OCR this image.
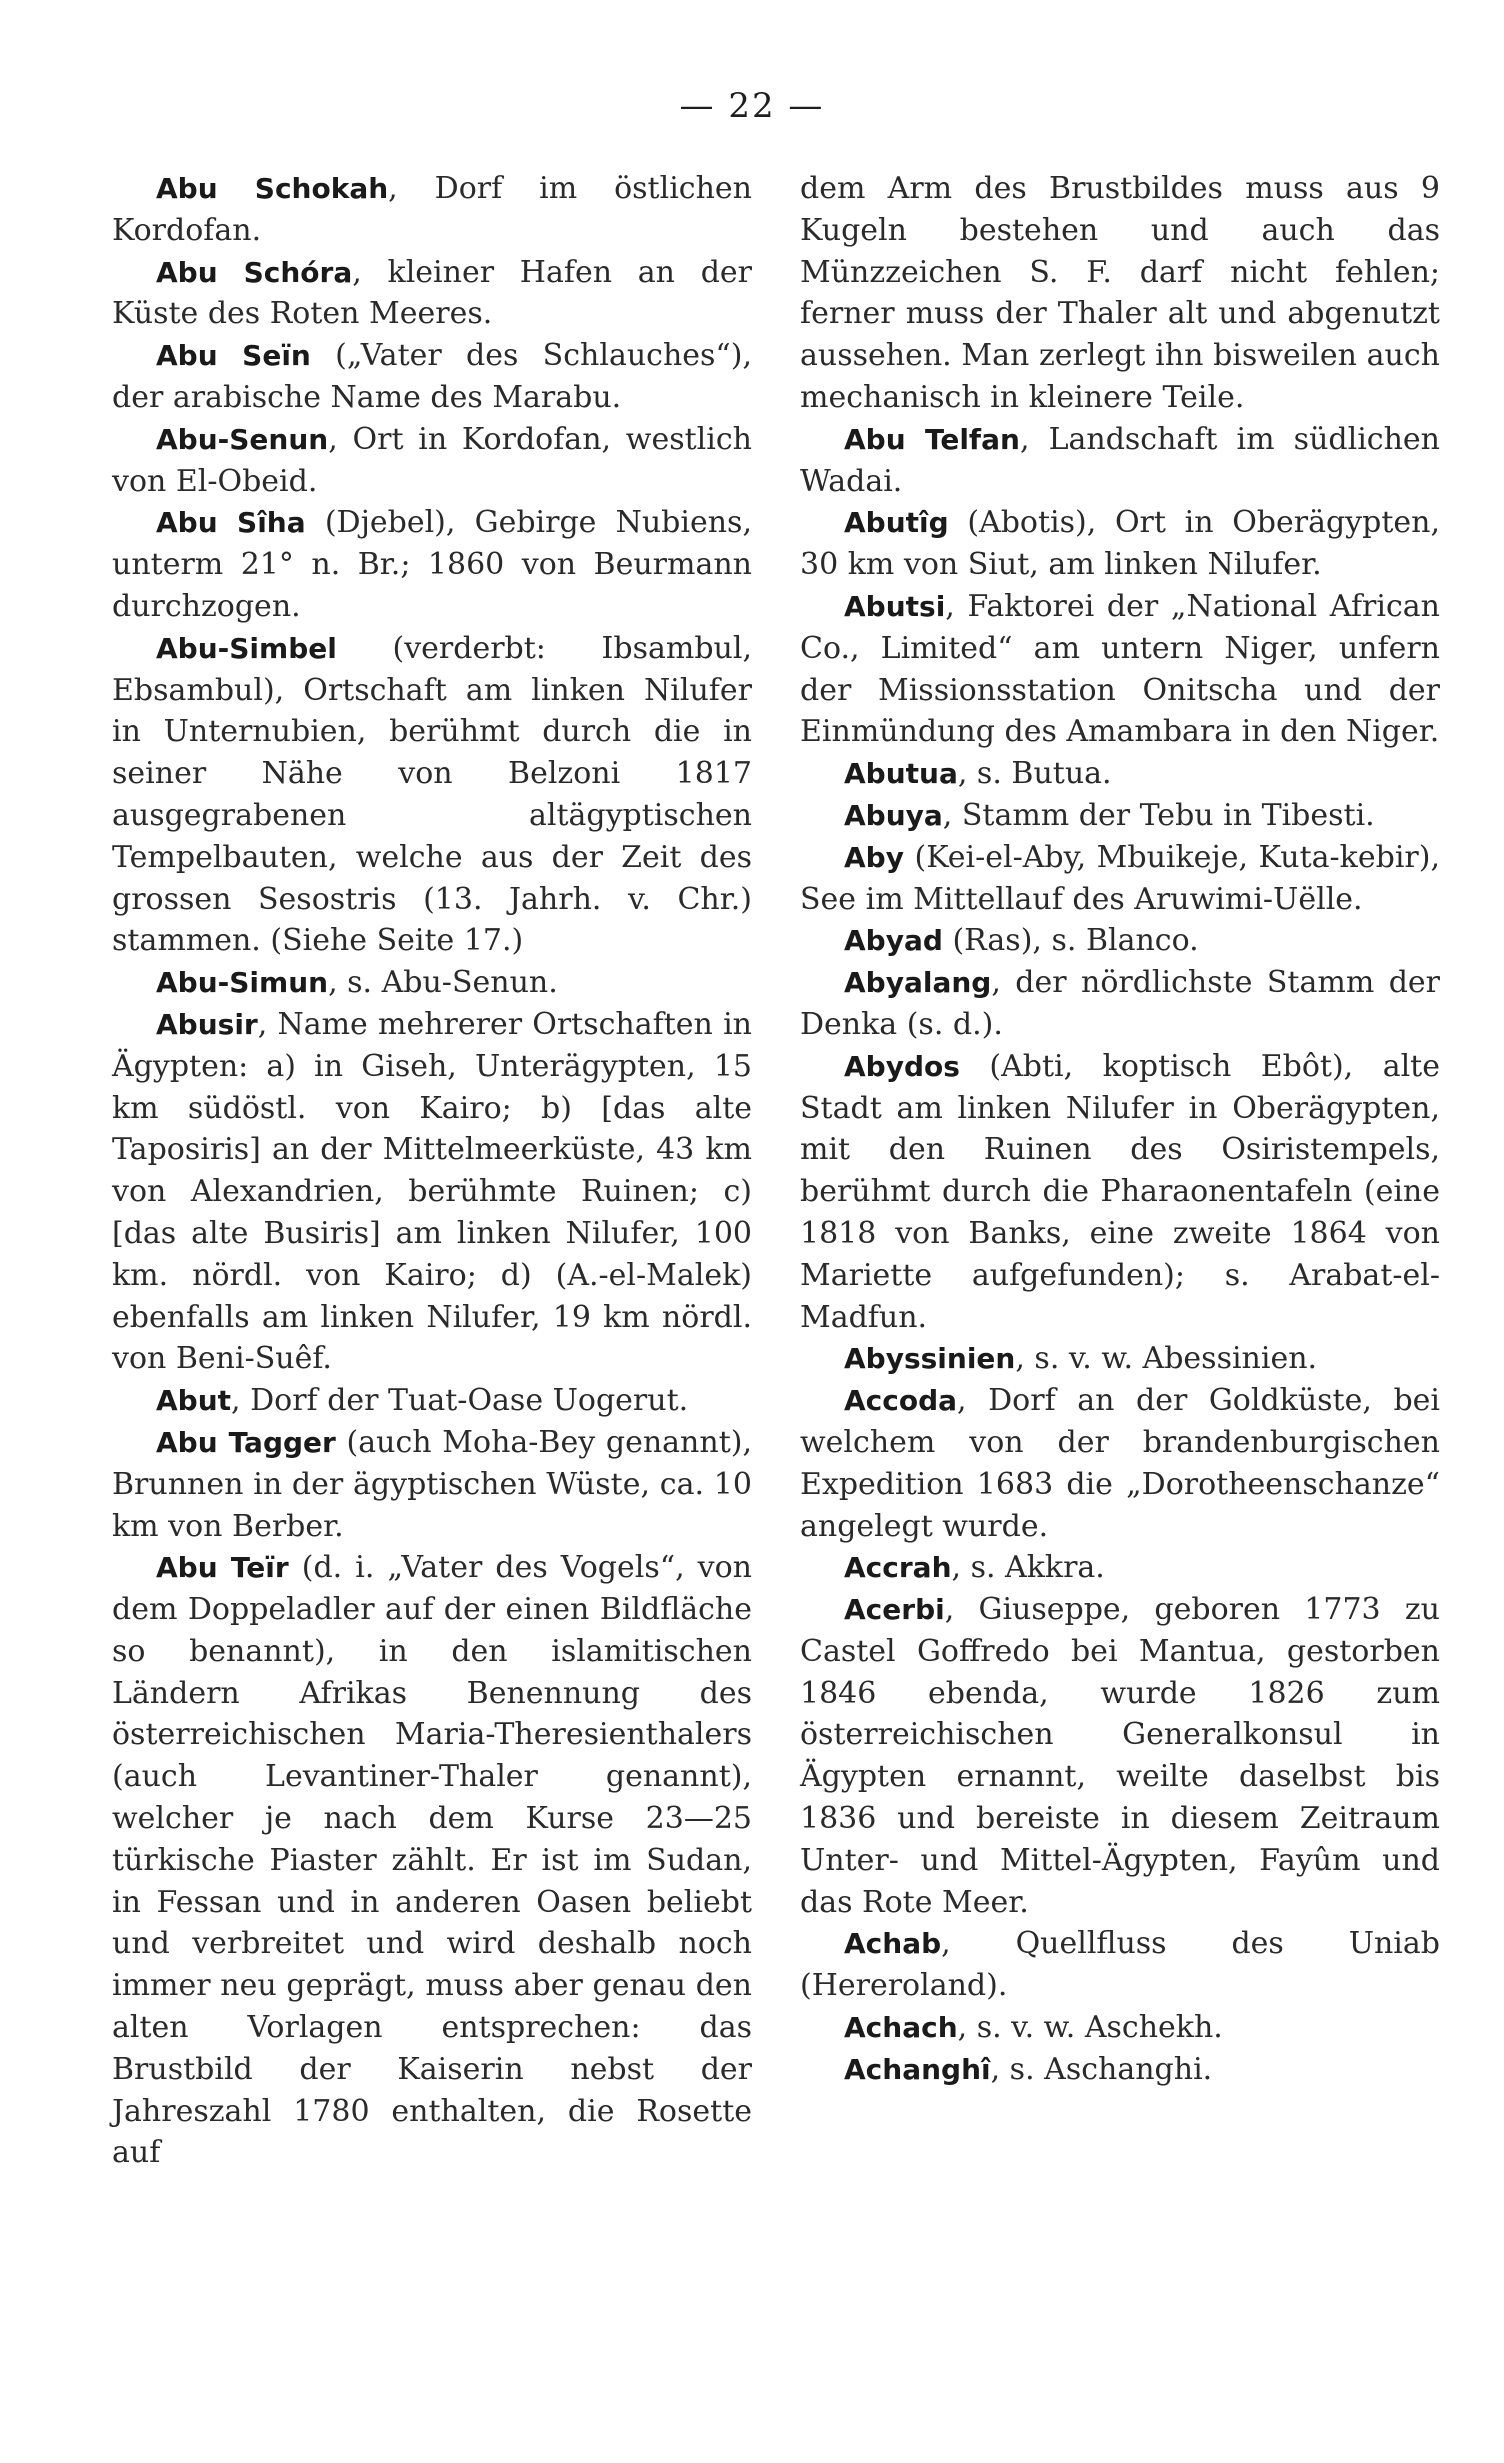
— 22 —

Abu Schokah, Dorf im östlichen Kordofan.

Abu Schóra, kleiner Hafen an der Küste des Roten Meeres.

Abu Seïn („Vater des Schlauches“), der arabische Name des Marabu.

Abu-Senun, Ort in Kordofan, westlich von El-Obeid.

Abu Sîha (Djebel), Gebirge Nubiens, unterm 21° n. Br.; 1860 von Beurmann durchzogen.

Abu-Simbel (verderbt: Ibsambul, Ebsambul), Ortschaft am linken Nilufer in Unternubien, berühmt durch die in seiner Nähe von Belzoni 1817 ausgegrabenen altägyptischen Tempelbauten, welche aus der Zeit des grossen Sesostris (13. Jahrh. v. Chr.) stammen. (Siehe Seite 17.)

Abu-Simun, s. Abu-Senun.

Abusir, Name mehrerer Ortschaften in Ägypten: a) in Giseh, Unterägypten, 15 km südöstl. von Kairo; b) [das alte Taposiris] an der Mittelmeerküste, 43 km von Alexandrien, berühmte Ruinen; c) [das alte Busiris] am linken Nilufer, 100 km. nördl. von Kairo; d) (A.-el-Malek) ebenfalls am linken Nilufer, 19 km nördl. von Beni-Suêf.

Abut, Dorf der Tuat-Oase Uogerut.

Abu Tagger (auch Moha-Bey genannt), Brunnen in der ägyptischen Wüste, ca. 10 km von Berber.

Abu Teïr (d. i. „Vater des Vogels“, von dem Doppeladler auf der einen Bildfläche so benannt), in den islamitischen Ländern Afrikas Benennung des österreichischen Maria-Theresienthalers (auch Levantiner-Thaler genannt), welcher je nach dem Kurse 23—25 türkische Piaster zählt. Er ist im Sudan, in Fessan und in anderen Oasen beliebt und verbreitet und wird deshalb noch immer neu geprägt, muss aber genau den alten Vorlagen entsprechen: das Brustbild der Kaiserin nebst der Jahreszahl 1780 enthalten, die Rosette auf

dem Arm des Brustbildes muss aus 9 Kugeln bestehen und auch das Münzzeichen S. F. darf nicht fehlen; ferner muss der Thaler alt und abgenutzt aussehen. Man zerlegt ihn bisweilen auch mechanisch in kleinere Teile.

Abu Telfan, Landschaft im südlichen Wadai.

Abutîg (Abotis), Ort in Oberägypten, 30 km von Siut, am linken Nilufer.

Abutsi, Faktorei der „National African Co., Limited“ am untern Niger, unfern der Missionsstation Onitscha und der Einmündung des Amambara in den Niger.

Abutua, s. Butua.

Abuya, Stamm der Tebu in Tibesti.

Aby (Kei-el-Aby, Mbuikeje, Kuta-kebir), See im Mittellauf des Aruwimi-Uëlle.

Abyad (Ras), s. Blanco.

Abyalang, der nördlichste Stamm der Denka (s. d.).

Abydos (Abti, koptisch Ebôt), alte Stadt am linken Nilufer in Oberägypten, mit den Ruinen des Osiristempels, berühmt durch die Pharaonentafeln (eine 1818 von Banks, eine zweite 1864 von Mariette aufgefunden); s. Arabat-el-Madfun.

Abyssinien, s. v. w. Abessinien.

Accoda, Dorf an der Goldküste, bei welchem von der brandenburgischen Expedition 1683 die „Dorotheenschanze“ angelegt wurde.

Accrah, s. Akkra.

Acerbi, Giuseppe, geboren 1773 zu Castel Goffredo bei Mantua, gestorben 1846 ebenda, wurde 1826 zum österreichischen Generalkonsul in Ägypten ernannt, weilte daselbst bis 1836 und bereiste in diesem Zeitraum Unter- und Mittel-Ägypten, Fayûm und das Rote Meer.

Achab, Quellfluss des Uniab (Hereroland).

Achach, s. v. w. Aschekh.

Achanghî, s. Aschanghi.
